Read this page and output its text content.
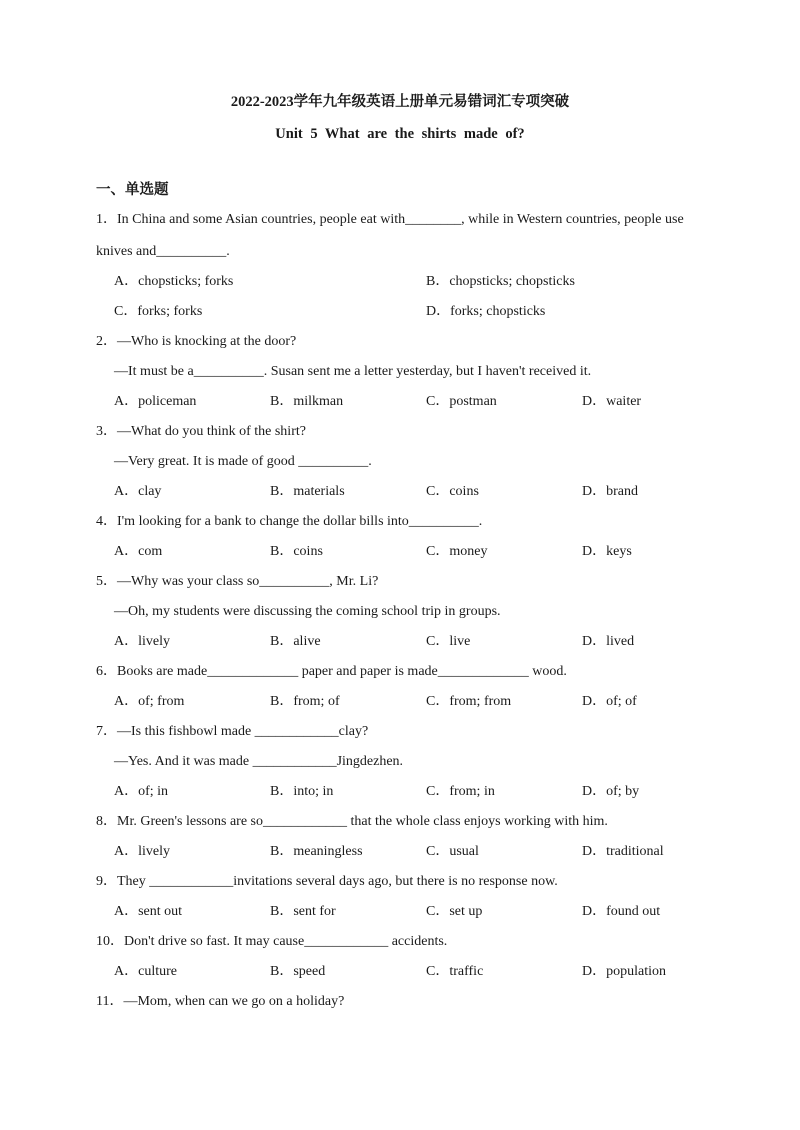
2022-2023学年九年级英语上册单元易错词汇专项突破

Unit 5 What are the shirts made of?

一、单选题

1．In China and some Asian countries, people eat with________, while in Western countries, people use
knives and__________.
A．chopsticks; forks	B．chopsticks; chopsticks
C．forks; forks	D．forks; chopsticks
2．—Who is knocking at the door?
—It must be a__________. Susan sent me a letter yesterday, but I haven't received it.
A．policeman	B．milkman	C．postman	D．waiter
3．—What do you think of the shirt?
—Very great. It is made of good __________.
A．clay	B．materials	C．coins	D．brand
4．I'm looking for a bank to change the dollar bills into__________.
A．com	B．coins	C．money	D．keys
5．—Why was your class so__________, Mr. Li?
—Oh, my students were discussing the coming school trip in groups.
A．lively	B．alive	C．live	D．lived
6．Books are made_____________ paper and paper is made_____________ wood.
A．of; from	B．from; of	C．from; from	D．of; of
7．—Is this fishbowl made ____________clay?
—Yes. And it was made ____________Jingdezhen.
A．of; in	B．into; in	C．from; in	D．of; by
8．Mr. Green's lessons are so____________ that the whole class enjoys working with him.
A．lively	B．meaningless	C．usual	D．traditional
9．They ____________invitations several days ago, but there is no response now.
A．sent out	B．sent for	C．set up	D．found out
10．Don't drive so fast. It may cause____________ accidents.
A．culture	B．speed	C．traffic	D．population
11．—Mom, when can we go on a holiday?
